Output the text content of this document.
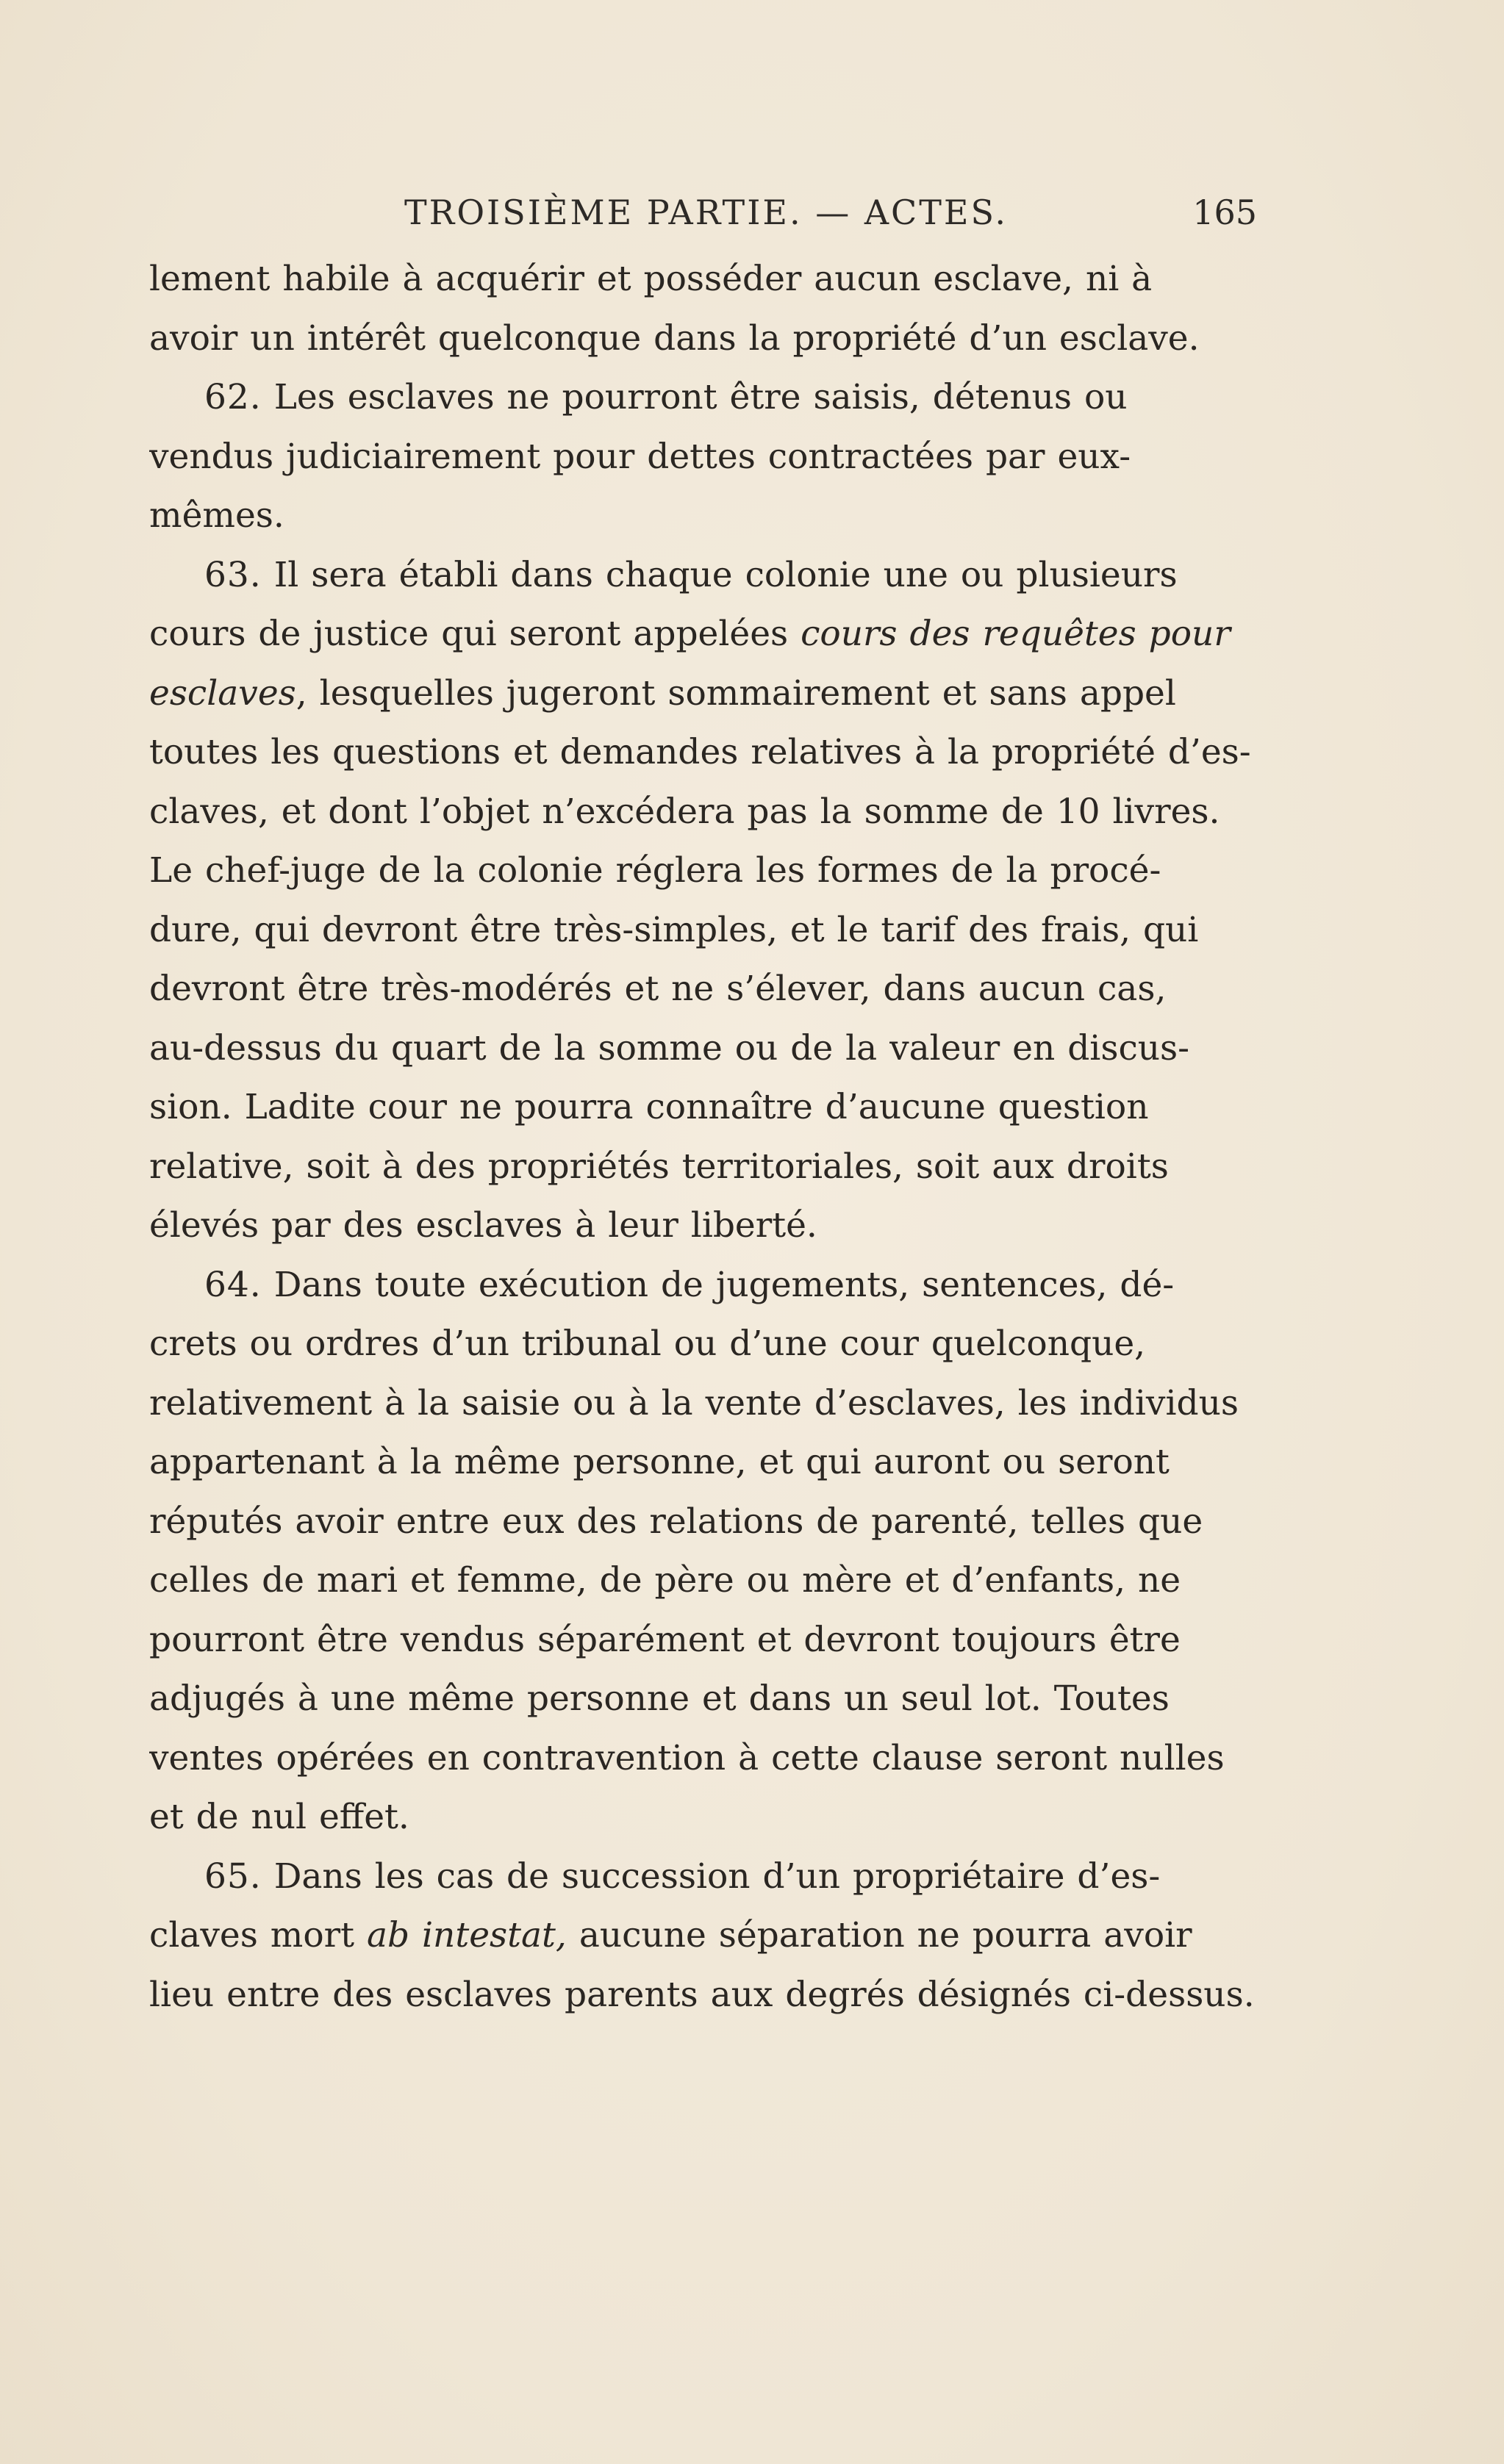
TROISIÈME PARTIE. — ACTES.	165
lement habile à acquérir et posséder aucun esclave, ni à
avoir un intérêt quelconque dans la propriété d’un esclave.
62. Les esclaves ne pourront être saisis, détenus ou
vendus judiciairement pour dettes contractées par eux-
mêmes.
63. Il sera établi dans chaque colonie une ou plusieurs
cours de justice qui seront appelées cours des requêtes pour
esclaves, lesquelles jugeront sommairement et sans appel
toutes les questions et demandes relatives à la propriété d’es-
claves, et dont l’objet n’excédera pas la somme de 10 livres.
Le chef-juge de la colonie réglera les formes de la procé-
dure, qui devront être très-simples, et le tarif des frais, qui
devront être très-modérés et ne s’élever, dans aucun cas,
au-dessus du quart de la somme ou de la valeur en discus-
sion. Ladite cour ne pourra connaître d’aucune question
relative, soit à des propriétés territoriales, soit aux droits
élevés par des esclaves à leur liberté.
64. Dans toute exécution de jugements, sentences, dé-
crets ou ordres d’un tribunal ou d’une cour quelconque,
relativement à la saisie ou à la vente d’esclaves, les individus
appartenant à la même personne, et qui auront ou seront
réputés avoir entre eux des relations de parenté, telles que
celles de mari et femme, de père ou mère et d’enfants, ne
pourront être vendus séparément et devront toujours être
adjugés à une même personne et dans un seul lot. Toutes
ventes opérées en contravention à cette clause seront nulles
et de nul effet.
65. Dans les cas de succession d’un propriétaire d’es-
claves mort ab intestat, aucune séparation ne pourra avoir
lieu entre des esclaves parents aux degrés désignés ci-dessus.
